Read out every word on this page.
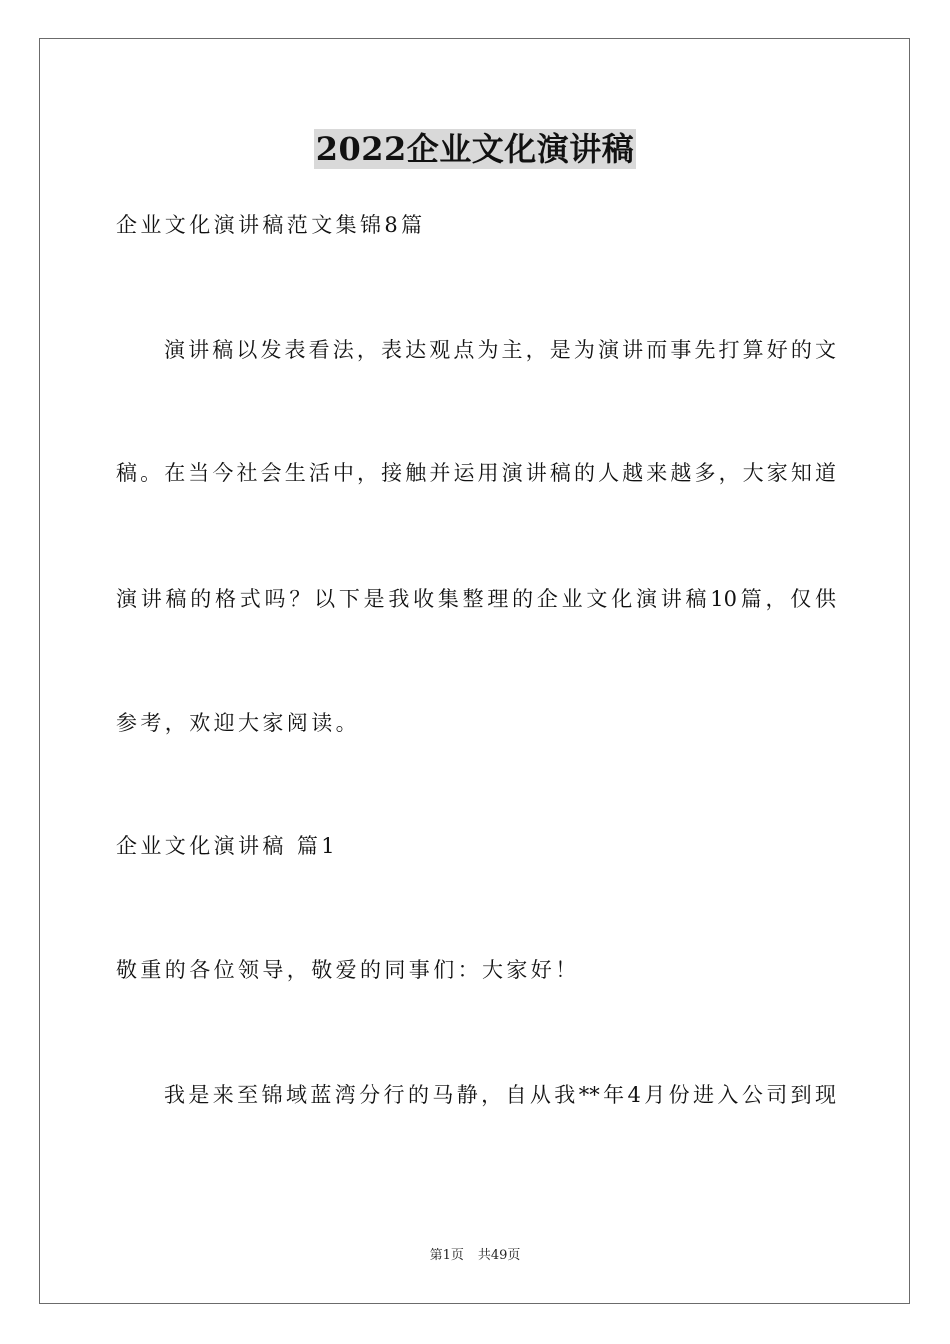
2022企业文化演讲稿
企业文化演讲稿范文集锦8篇
演讲稿以发表看法，表达观点为主，是为演讲而事先打算好的文
稿。在当今社会生活中，接触并运用演讲稿的人越来越多，大家知道
演讲稿的格式吗？以下是我收集整理的企业文化演讲稿10篇，仅供
参考，欢迎大家阅读。
企业文化演讲稿 篇1
敬重的各位领导，敬爱的同事们：大家好！
我是来至锦域蓝湾分行的马静，自从我**年4月份进入公司到现
第1页 共49页
